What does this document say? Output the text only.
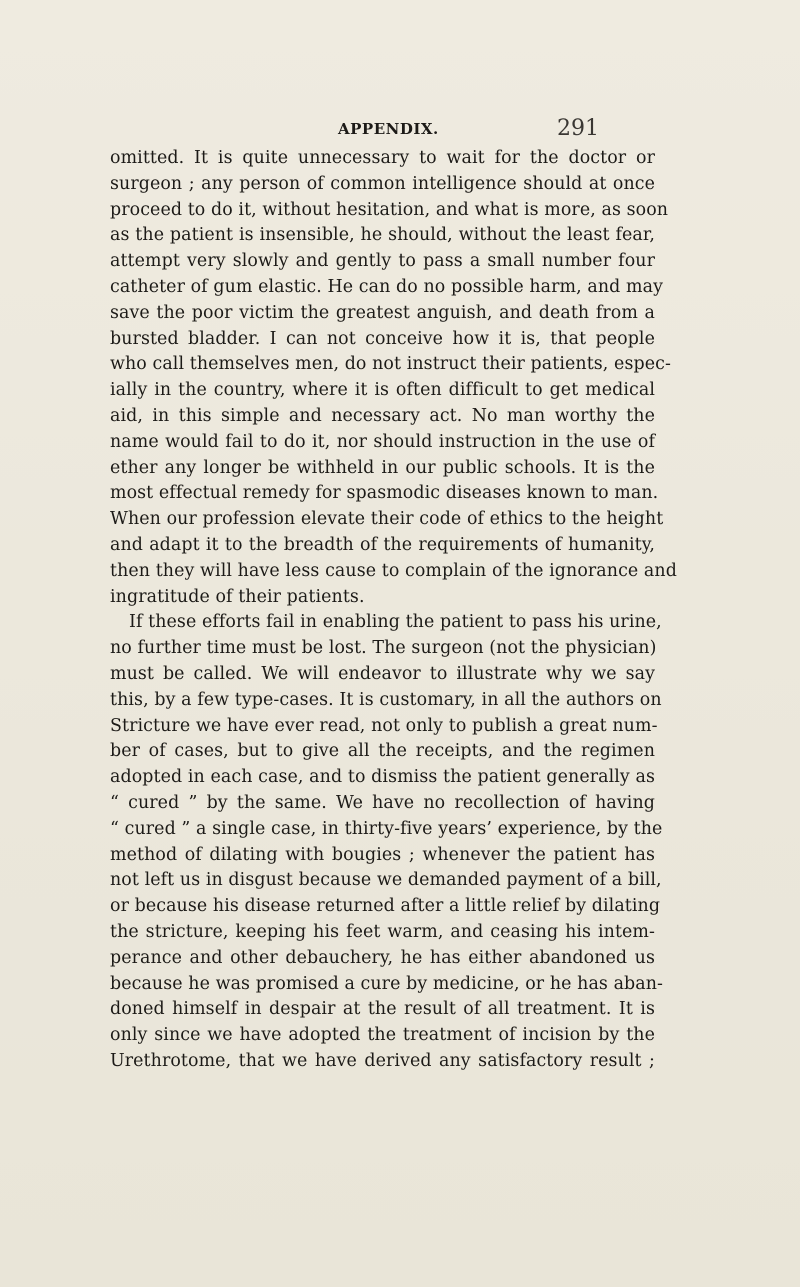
APPENDIX.	291
omitted. It is quite unnecessary to wait for the doctor or
surgeon ; any person of common intelligence should at once
proceed to do it, without hesitation, and what is more, as soon
as the patient is insensible, he should, without the least fear,
attempt very slowly and gently to pass a small number four
catheter of gum elastic. He can do no possible harm, and may
save the poor victim the greatest anguish, and death from a
bursted bladder. I can not conceive how it is, that people
who call themselves men, do not instruct their patients, espec-
ially in the country, where it is often difficult to get medical
aid, in this simple and necessary act. No man worthy the
name would fail to do it, nor should instruction in the use of
ether any longer be withheld in our public schools. It is the
most effectual remedy for spasmodic diseases known to man.
When our profession elevate their code of ethics to the height
and adapt it to the breadth of the requirements of humanity,
then they will have less cause to complain of the ignorance and
ingratitude of their patients.
If these efforts fail in enabling the patient to pass his urine,
no further time must be lost. The surgeon (not the physician)
must be called. We will endeavor to illustrate why we say
this, by a few type-cases. It is customary, in all the authors on
Stricture we have ever read, not only to publish a great num-
ber of cases, but to give all the receipts, and the regimen
adopted in each case, and to dismiss the patient generally as
“ cured ” by the same. We have no recollection of having
“ cured ” a single case, in thirty-five years’ experience, by the
method of dilating with bougies ; whenever the patient has
not left us in disgust because we demanded payment of a bill,
or because his disease returned after a little relief by dilating
the stricture, keeping his feet warm, and ceasing his intem-
perance and other debauchery, he has either abandoned us
because he was promised a cure by medicine, or he has aban-
doned himself in despair at the result of all treatment. It is
only since we have adopted the treatment of incision by the
Urethrotome, that we have derived any satisfactory result ;
